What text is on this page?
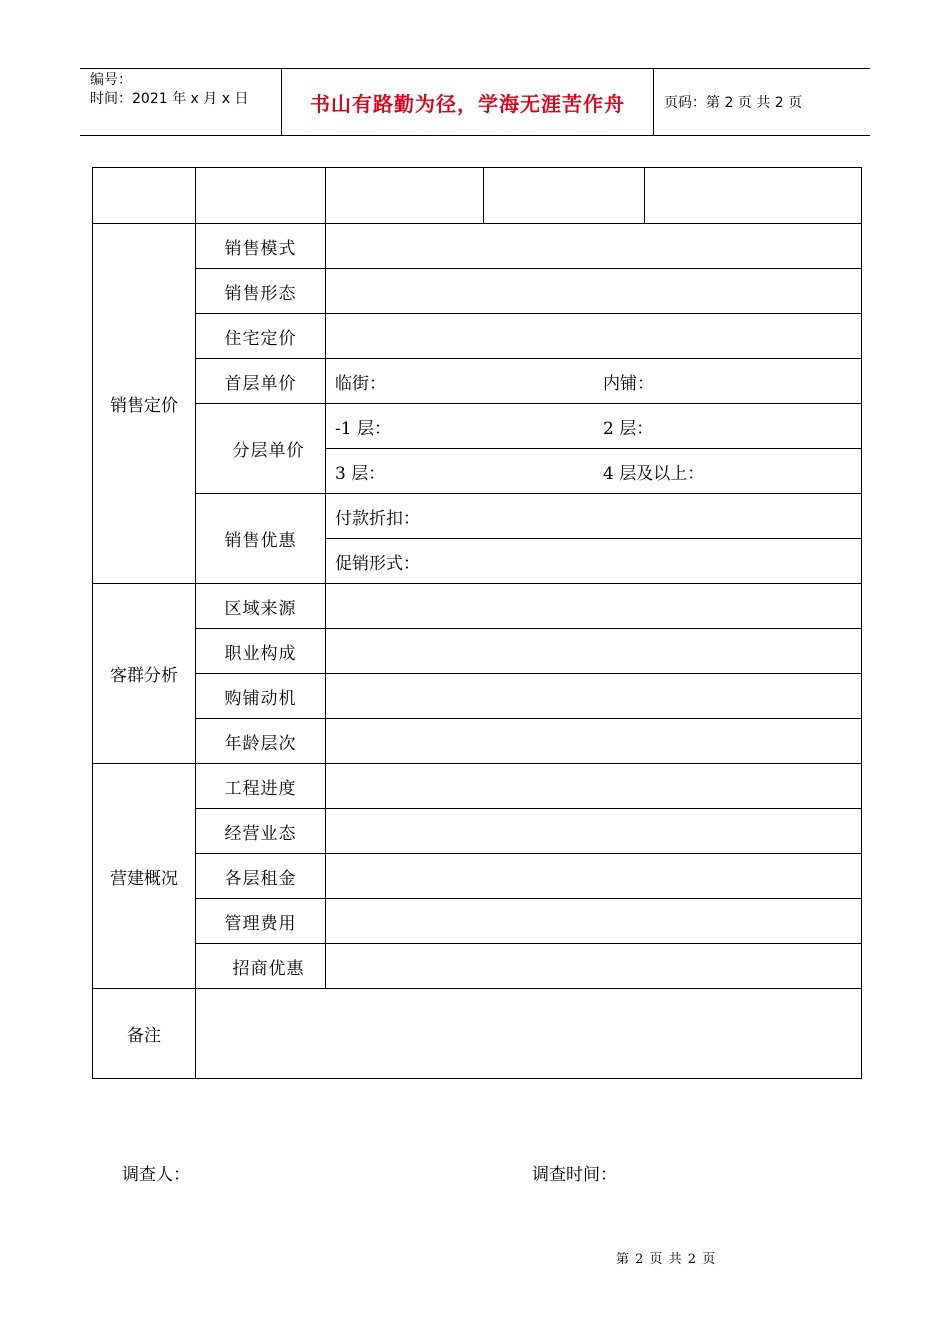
编号：
时间：2021 年 x 月 x 日	书山有路勤为径，学海无涯苦作舟	页码：第 2 页 共 2 页

销售定价	销售模式			
	销售形态			
	住宅定价			
	首层单价	临街： 内铺：		

	分层单价	-1 层： 2 层：		

		3 层： 4 层及以上：		

	销售优惠	付款折扣：		
		促销形式：		
客群分析	区域来源			
	职业构成			
	购铺动机			
	年龄层次			
营建概况	工程进度			
	经营业态			
	各层租金			
	管理费用			
	招商优惠			
备注				
调查人：	调查时间：
第 2 页 共 2 页
